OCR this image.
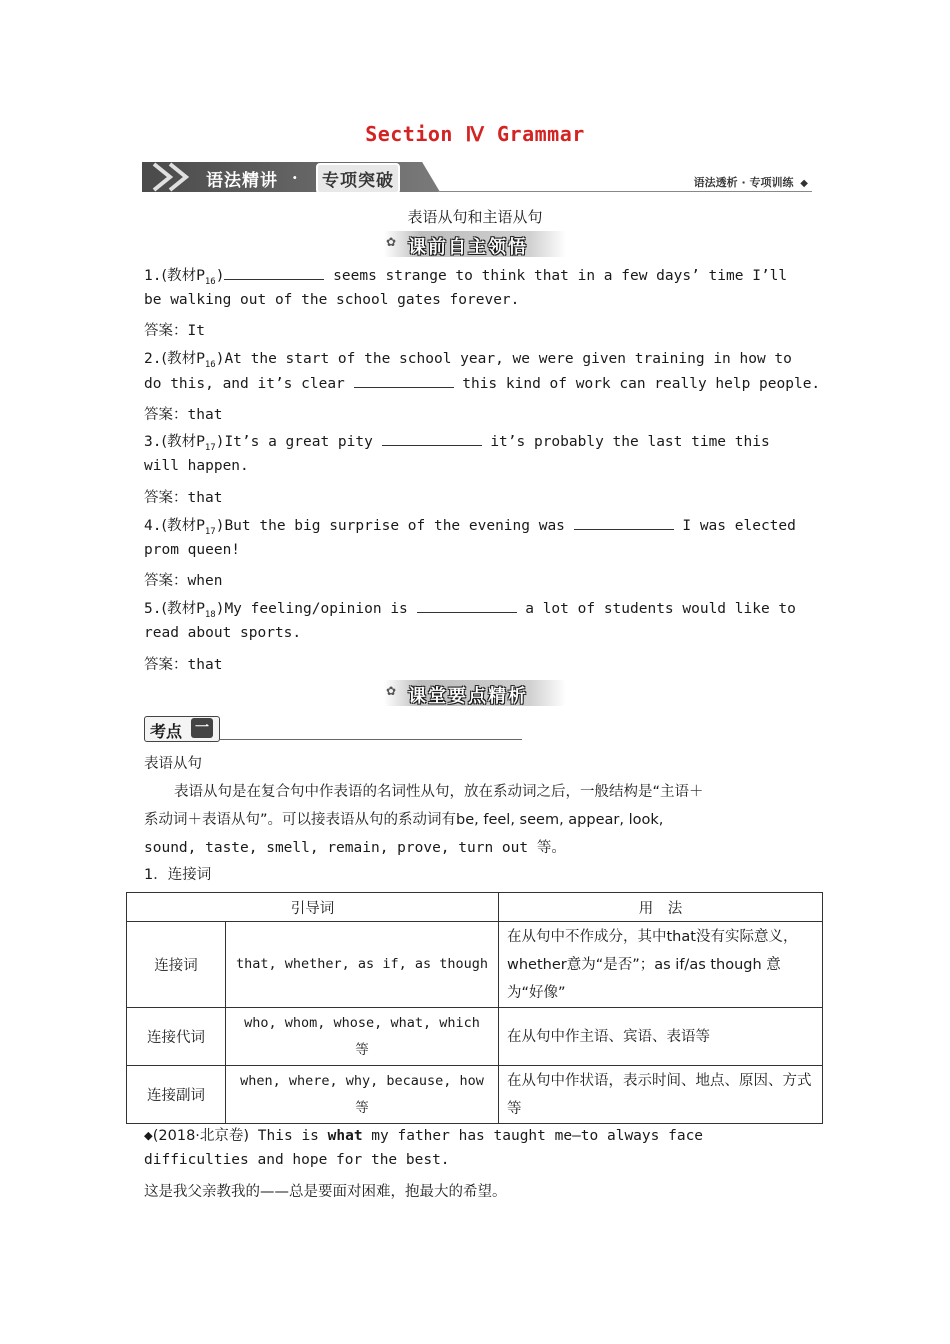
Section Ⅳ Grammar
语法精讲 ·	专项突破	语法透析 · 专项训练 ◆
表语从句和主语从句
✿ 课前自主领悟
1.(教材$P_{16}$)	seems strange to think that in a few days’ time I’ll
be walking out of the school gates forever.
答案：It
2.(教材$P_{16})At$ the start of the school year, we were given training in how to
do this, and it’s clear	this kind of work can really help people.
答案：that
3.(教材$P_{17})It’s$ a great pity	it’s probably the last time this
will happen.
答案：that
4.(教材$P_{17})But$ the big surprise of the evening was	I was elected
prom queen!
答案：when
5.(教材$P_{18})My$ feeling/opinion is	a lot of students would like to
read about sports.
答案：that
✿ 课堂要点精析
考点 一
表语从句
表语从句是在复合句中作表语的名词性从句，放在系动词之后，一般结构是“主语＋
系动词＋表语从句”。可以接表语从句的系动词有be, feel, seem, appear, look,
sound, taste, smell, remain, prove, turn out 等。
1．连接词
引导词		用　法
连接词	that, whether, as if, as though	在从句中不作成分，其中that没有实际意义，whether意为“是否”；as if/as though 意为“好像”
连接代词	who, whom, whose, what, which 等	在从句中作主语、宾语、表语等
连接副词	when, where, why, because, how 等	在从句中作状语，表示时间、地点、原因、方式等
◆(2018·北京卷) This is what my father has taught me—to always face
difficulties and hope for the best.
这是我父亲教我的——总是要面对困难，抱最大的希望。
